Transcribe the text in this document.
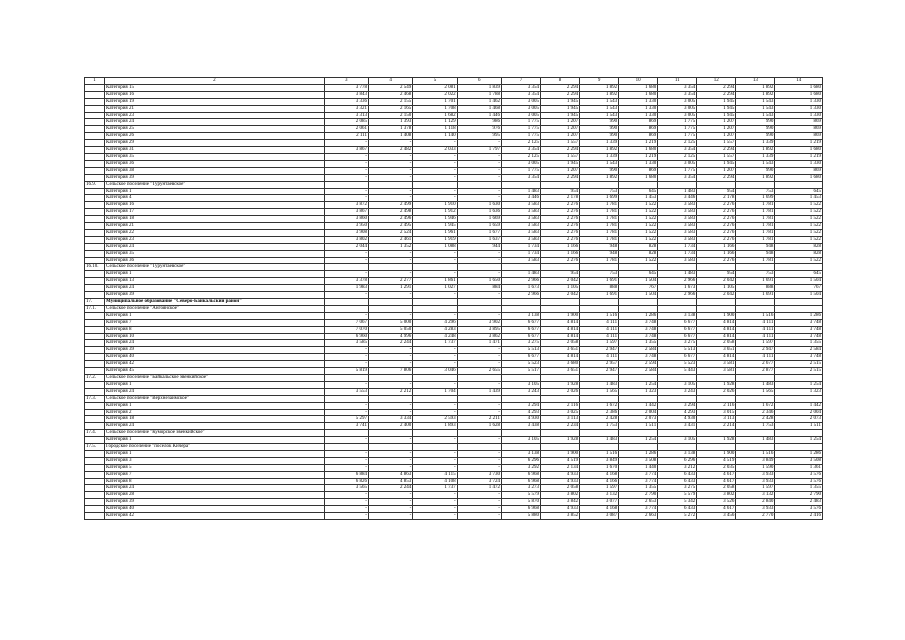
1	2	3	4	5	6	7	8	9	10	11	12	13	14
	Категория 15	3 778	2 549	2 081	1 839	3 354	2 294	1 892	1 680	3 354	2 294	1 892	1 680
	Категория 16	3 843	2 468	2 022	1 788	3 354	2 294	1 892	1 680	3 354	2 294	1 892	1 680
	Категория 19	3 336	2 155	1 701	1 462	3 005	1 945	1 543	1 330	3 005	1 945	1 543	1 330
	Категория 21	3 321	2 165	1 708	1 468	3 005	1 945	1 543	1 330	3 005	1 945	1 543	1 330
	Категория 23	3 313	2 150	1 682	1 446	3 005	1 945	1 543	1 330	3 005	1 945	1 543	1 330
	Категория 24	2 085	1 393	1 129	986	1 775	1 207	990	869	1 775	1 207	990	869
	Категория 25	2 061	1 378	1 118	976	1 775	1 207	990	869	1 775	1 207	990	869
	Категория 26	2 111	1 408	1 140	995	1 775	1 207	990	869	1 775	1 207	990	869
	Категория 29	-	-	-	-	2 125	1 557	1 339	1 219	2 125	1 557	1 339	1 219
	Категория 31	3 867	2 482	2 033	1 797	3 354	2 294	1 892	1 680	3 354	2 294	1 892	1 680
	Категория 35	-	-	-	-	2 125	1 557	1 339	1 219	2 125	1 557	1 339	1 219
	Категория 36	-	-	-	-	3 005	1 945	1 543	1 330	3 005	1 945	1 543	1 330
	Категория 38	-	-	-	-	1 775	1 207	990	869	1 775	1 207	990	869
	Категория 39	-	-	-	-	3 354	2 294	1 892	1 680	3 354	2 294	1 892	1 680
16.9.	Сельское поселение "Турунтаевское"												
	Категория 1	-	-	-	-	1 483	954	753	645	1 483	954	753	645
	Категория 4	-	-	-	-	3 446	2 178	1 699	1 453	3 446	2 178	1 699	1 453
	Категория 16	3 872	2 499	1 910	1 630	3 583	2 276	1 781	1 522	3 583	2 276	1 781	1 522
	Категория 17	3 867	2 498	1 912	1 636	3 583	2 276	1 781	1 522	3 583	2 276	1 781	1 522
	Категория 18	3 860	2 496	1 946	1 669	3 583	2 276	1 781	1 522	3 583	2 276	1 781	1 522
	Категория 21	3 950	2 495	1 945	1 659	3 583	2 276	1 781	1 522	3 583	2 276	1 781	1 522
	Категория 22	3 908	2 524	1 961	1 677	3 583	2 276	1 781	1 522	3 583	2 276	1 781	1 522
	Категория 23	3 802	2 461	1 919	1 637	3 583	2 276	1 781	1 522	3 583	2 276	1 781	1 522
	Категория 24	2 044	1 352	1 088	944	1 734	1 166	948	828	1 734	1 166	948	828
	Категория 35	-	-	-	-	1 734	1 166	948	828	1 734	1 166	948	828
	Категория 36	-	-	-	-	3 583	2 276	1 781	1 522	3 583	2 276	1 781	1 522
16.10.	Сельское поселение "Турунтаевское"												
	Категория 1	-	-	-	-	1 483	954	753	645	1 483	954	753	645
	Категория 13	3 378	2 277	1 861	1 650	2 966	2 042	1 691	1 504	2 966	2 042	1 691	1 504
	Категория 24	1 983	1 291	1 027	884	1 673	1 105	888	767	1 673	1 105	888	767
	Категория 39	-	-	-	-	2 966	2 042	1 691	1 504	2 966	2 042	1 691	1 504
17.	Муниципальное образование "Северо-Байкальский район"												
17.1.	Сельское поселение "Ангоянское"												
	Категория 1	-	-	-	-	3 138	1 900	1 516	1 286	3 138	1 900	1 516	1 286
	Категория 7	7 067	5 000	4 296	3 902	6 677	4 814	4 111	3 748	6 677	4 814	4 111	3 748
	Категория 8	7 070	5 050	4 283	3 895	6 677	4 814	4 111	3 748	6 677	4 814	4 111	3 748
	Категория 10	6 960	4 996	4 248	3 862	6 677	4 814	4 111	3 748	6 677	4 814	4 111	3 748
	Категория 24	3 585	2 244	1 737	1 471	3 275	2 058	1 597	1 355	3 275	2 058	1 597	1 355
	Категория 39	-	-	-	-	5 513	3 651	2 947	2 584	5 513	3 651	2 947	2 584
	Категория 40	-	-	-	-	6 677	4 814	4 111	3 748	6 677	4 814	4 111	3 748
	Категория 42	-	-	-	-	5 523	3 680	2 957	2 594	5 523	3 581	2 677	2 515
	Категория 45	5 819	7 806	3 046	2 655	5 517	3 651	2 947	2 584	5 443	3 581	2 877	2 515
17.2.	Сельское поселение "Байкальское эвенкийское"												
	Категория 1	-	-	-	-	3 105	1 928	1 483	1 254	3 105	1 928	1 483	1 254
	Категория 24	3 553	2 212	1 704	1 439	3 243	2 026	1 565	1 323	3 243	2 026	1 565	1 323
17.3.	Сельское поселение "Верхнезаимское"												
	Категория 1	-	-	-	-	3 294	2 116	1 672	1 442	3 294	2 116	1 672	1 442
	Категория 2	-	-	-	-	4 293	3 025	2 386	2 004	4 293	3 015	2 346	2 004
	Категория 18	5 297	3 334	2 593	2 211	4 930	3 113	2 428	2 073	4 930	3 113	2 428	2 073
	Категория 24	3 741	2 400	1 893	1 628	3 438	2 234	1 753	1 511	3 431	2 214	1 753	1 511
17.4.	Сельское поселение "Куморское эвенкийское"												
	Категория 1	-	-	-	-	3 105	1 928	1 483	1 254	3 105	1 928	1 483	1 254
17.5.	Городское поселение "поселок Кичера"												
	Категория 1	-	-	-	-	3 138	1 900	1 516	1 286	3 138	1 900	1 516	1 286
	Категория 3	-	-	-	-	6 296	4 519	3 849	3 508	6 296	4 519	3 849	3 508
	Категория 5	-	-	-	-	3 292	2 134	1 670	1 440	3 212	2 035	1 590	1 361
	Категория 7	6 884	4 863	4 115	3 730	6 968	4 933	4 168	3 774	6 433	4 617	3 933	3 576
	Категория 8	6 826	4 853	4 108	3 724	6 968	4 933	4 166	3 774	6 433	4 617	3 933	3 576
	Категория 24	3 565	2 244	1 737	1 472	3 273	2 058	1 597	1 355	3 275	2 058	1 597	1 355
	Категория 28	-	-	-	-	5 579	3 802	3 132	2 790	5 579	3 802	3 132	2 790
	Категория 39	-	-	-	-	5 870	3 842	3 077	2 653	5 342	3 526	2 840	2 483
	Категория 40	-	-	-	-	6 968	4 933	4 168	3 774	6 433	4 617	3 933	3 576
	Категория 42	-	-	-	-	5 880	3 852	3 087	2 663	5 272	3 456	2 770	2 416
